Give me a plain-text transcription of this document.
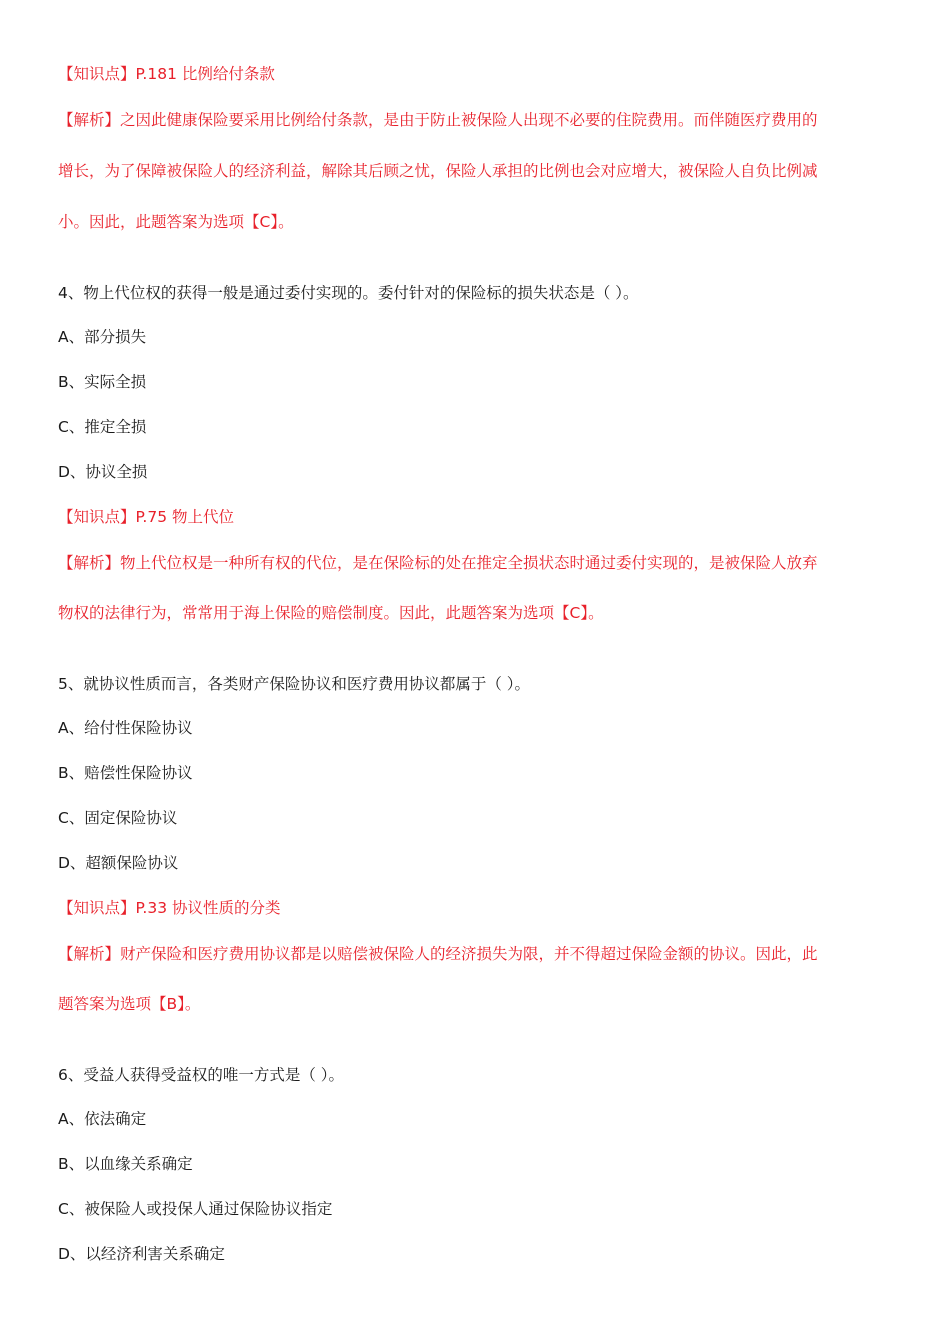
【知识点】P.181 比例给付条款
【解析】之因此健康保险要采用比例给付条款，是由于防止被保险人出现不必要的住院费用。而伴随医疗费用的
增长，为了保障被保险人的经济利益，解除其后顾之忧，保险人承担的比例也会对应增大，被保险人自负比例减
小。因此，此题答案为选项【C】。
4、物上代位权的获得一般是通过委付实现的。委付针对的保险标的损失状态是（ ）。
A、部分损失
B、实际全损
C、推定全损
D、协议全损
【知识点】P.75 物上代位
【解析】物上代位权是一种所有权的代位，是在保险标的处在推定全损状态时通过委付实现的，是被保险人放弃
物权的法律行为，常常用于海上保险的赔偿制度。因此，此题答案为选项【C】。
5、就协议性质而言，各类财产保险协议和医疗费用协议都属于（ ）。
A、给付性保险协议
B、赔偿性保险协议
C、固定保险协议
D、超额保险协议
【知识点】P.33 协议性质的分类
【解析】财产保险和医疗费用协议都是以赔偿被保险人的经济损失为限，并不得超过保险金额的协议。因此，此
题答案为选项【B】。
6、受益人获得受益权的唯一方式是（ ）。
A、依法确定
B、以血缘关系确定
C、被保险人或投保人通过保险协议指定
D、以经济利害关系确定
